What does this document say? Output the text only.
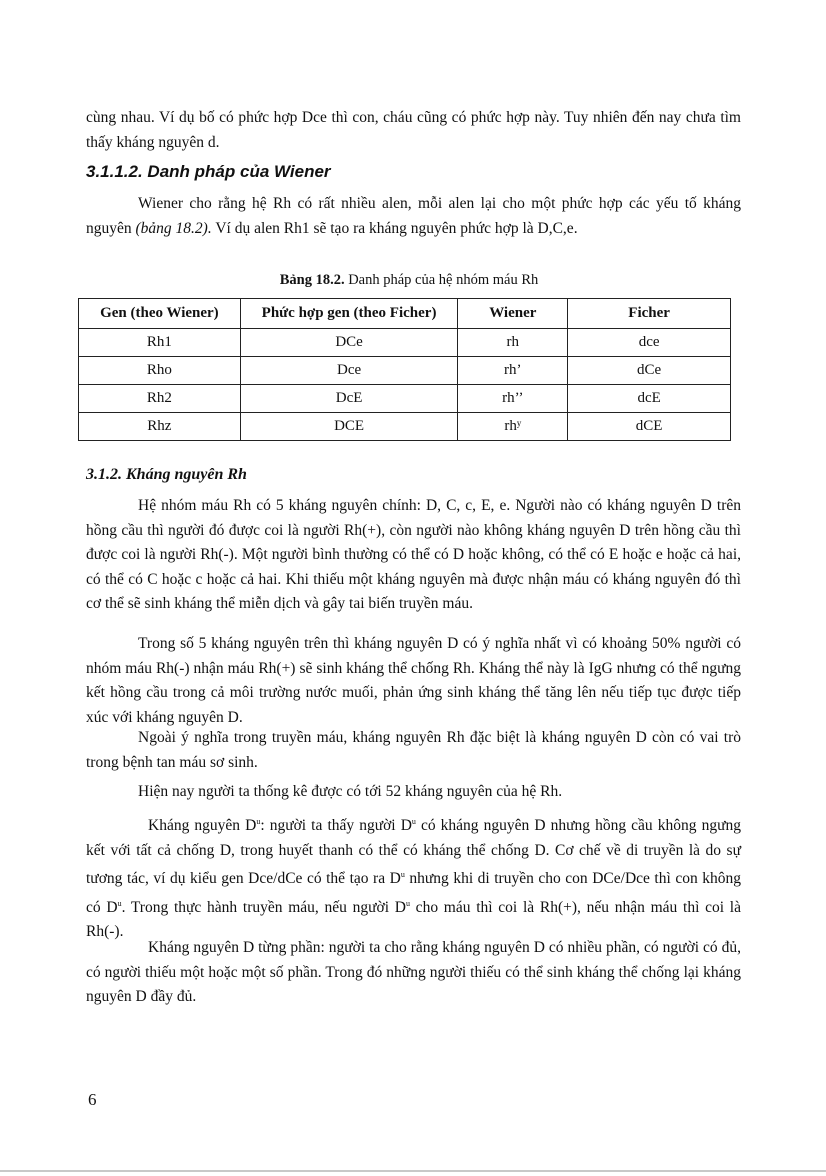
cùng nhau. Ví dụ bố có phức hợp Dce thì con, cháu cũng có phức hợp này. Tuy nhiên đến nay chưa tìm thấy kháng nguyên d.

3.1.1.2. Danh pháp của Wiener

Wiener cho rằng hệ Rh có rất nhiều alen, mỗi alen lại cho một phức hợp các yếu tố kháng nguyên (bảng 18.2). Ví dụ alen Rh1 sẽ tạo ra kháng nguyên phức hợp là D,C,e.

Bảng 18.2. Danh pháp của hệ nhóm máu Rh
Gen (theo Wiener)	Phức hợp gen (theo Ficher)	Wiener	Ficher
Rh1	DCe	rh	dce
Rho	Dce	rh’	dCe
Rh2	DcE	rh’’	dcE
Rhz	DCE	rhʸ	dCE
3.1.2. Kháng nguyên Rh

Hệ nhóm máu Rh có 5 kháng nguyên chính: D, C, c, E, e. Người nào có kháng nguyên D trên hồng cầu thì người đó được coi là người Rh(+), còn người nào không kháng nguyên D trên hồng cầu thì được coi là người Rh(-). Một người bình thường có thể có D hoặc không, có thể có E hoặc e hoặc cả hai, có thể có C hoặc c hoặc cả hai. Khi thiếu một kháng nguyên mà được nhận máu có kháng nguyên đó thì cơ thể sẽ sinh kháng thể miễn dịch và gây tai biến truyền máu.

Trong số 5 kháng nguyên trên thì kháng nguyên D có ý nghĩa nhất vì có khoảng 50% người có nhóm máu Rh(-) nhận máu Rh(+) sẽ sinh kháng thể chống Rh. Kháng thể này là IgG nhưng có thể ngưng kết hồng cầu trong cả môi trường nước muối, phản ứng sinh kháng thể tăng lên nếu tiếp tục được tiếp xúc với kháng nguyên D.

Ngoài ý nghĩa trong truyền máu, kháng nguyên Rh đặc biệt là kháng nguyên D còn có vai trò trong bệnh tan máu sơ sinh.

Hiện nay người ta thống kê được có tới 52 kháng nguyên của hệ Rh.

Kháng nguyên $D^u$: người ta thấy người $D^u$ có kháng nguyên D nhưng hồng cầu không ngưng kết với tất cả chống D, trong huyết thanh có thể có kháng thể chống D. Cơ chế về di truyền là do sự tương tác, ví dụ kiểu gen Dce/dCe có thể tạo ra $D^u$ nhưng khi di truyền cho con DCe/Dce thì con không có $D^u$. Trong thực hành truyền máu, nếu người $D^u$ cho máu thì coi là Rh(+), nếu nhận máu thì coi là Rh(-).

Kháng nguyên D từng phần: người ta cho rằng kháng nguyên D có nhiều phần, có người có đủ, có người thiếu một hoặc một số phần. Trong đó những người thiếu có thể sinh kháng thể chống lại kháng nguyên D đầy đủ.

6
